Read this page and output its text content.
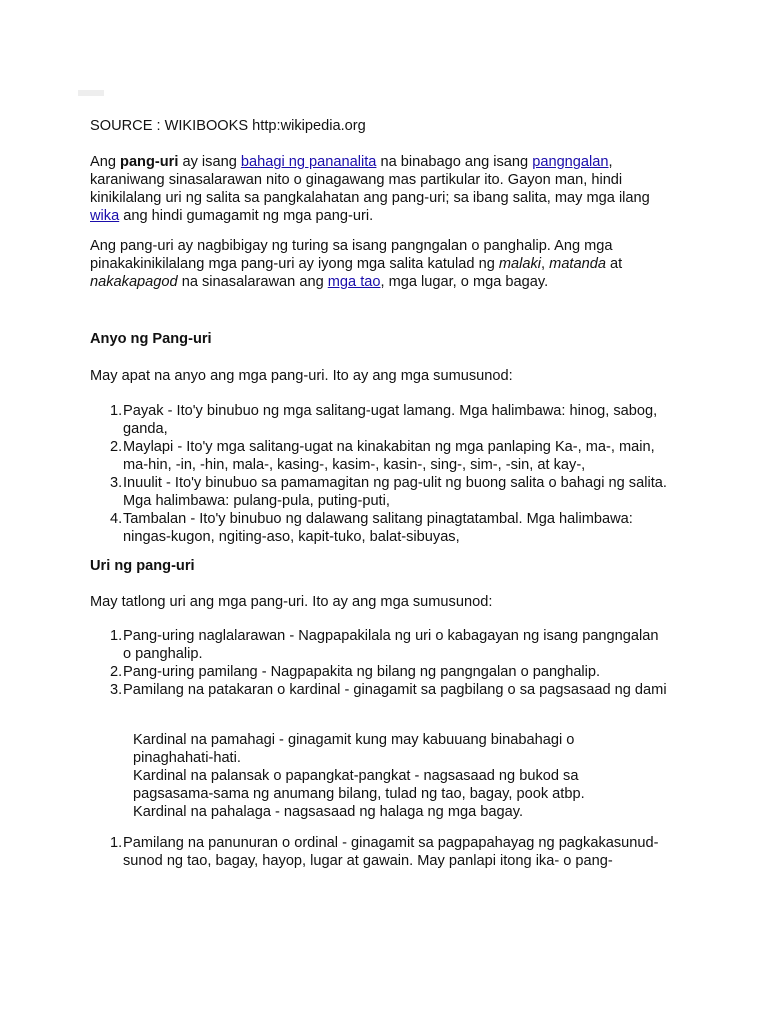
SOURCE : WIKIBOOKS http:wikipedia.org

Ang pang-uri ay isang bahagi ng pananalita na binabago ang isang pangngalan, karaniwang sinasalarawan nito o ginagawang mas partikular ito. Gayon man, hindi kinikilalang uri ng salita sa pangkalahatan ang pang-uri; sa ibang salita, may mga ilang wika ang hindi gumagamit ng mga pang-uri.

Ang pang-uri ay nagbibigay ng turing sa isang pangngalan o panghalip. Ang mga pinakakinikilalang mga pang-uri ay iyong mga salita katulad ng malaki, matanda at nakakapagod na sinasalarawan ang mga tao, mga lugar, o mga bagay.

Anyo ng Pang-uri

May apat na anyo ang mga pang-uri. Ito ay ang mga sumusunod:

1. Payak - Ito'y binubuo ng mga salitang-ugat lamang. Mga halimbawa: hinog, sabog, ganda,
2. Maylapi - Ito'y mga salitang-ugat na kinakabitan ng mga panlaping Ka-, ma-, main, ma-hin, -in, -hin, mala-, kasing-, kasim-, kasin-, sing-, sim-, -sin, at kay-,
3. Inuulit - Ito'y binubuo sa pamamagitan ng pag-ulit ng buong salita o bahagi ng salita. Mga halimbawa: pulang-pula, puting-puti,
4. Tambalan - Ito'y binubuo ng dalawang salitang pinagtatambal. Mga halimbawa: ningas-kugon, ngiting-aso, kapit-tuko, balat-sibuyas,
Uri ng pang-uri

May tatlong uri ang mga pang-uri. Ito ay ang mga sumusunod:

1. Pang-uring naglalarawan - Nagpapakilala ng uri o kabagayan ng isang pangngalan o panghalip.
2. Pang-uring pamilang - Nagpapakita ng bilang ng pangngalan o panghalip.
3. Pamilang na patakaran o kardinal - ginagamit sa pagbilang o sa pagsasaad ng dami

Kardinal na pamahagi - ginagamit kung may kabuuang binabahagi o pinaghahati-hati.

Kardinal na palansak o papangkat-pangkat - nagsasaad ng bukod sa pagsasama-sama ng anumang bilang, tulad ng tao, bagay, pook atbp.

Kardinal na pahalaga - nagsasaad ng halaga ng mga bagay.

1. Pamilang na panunuran o ordinal - ginagamit sa pagpapahayag ng pagkakasunud-sunod ng tao, bagay, hayop, lugar at gawain. May panlapi itong ika- o pang-
